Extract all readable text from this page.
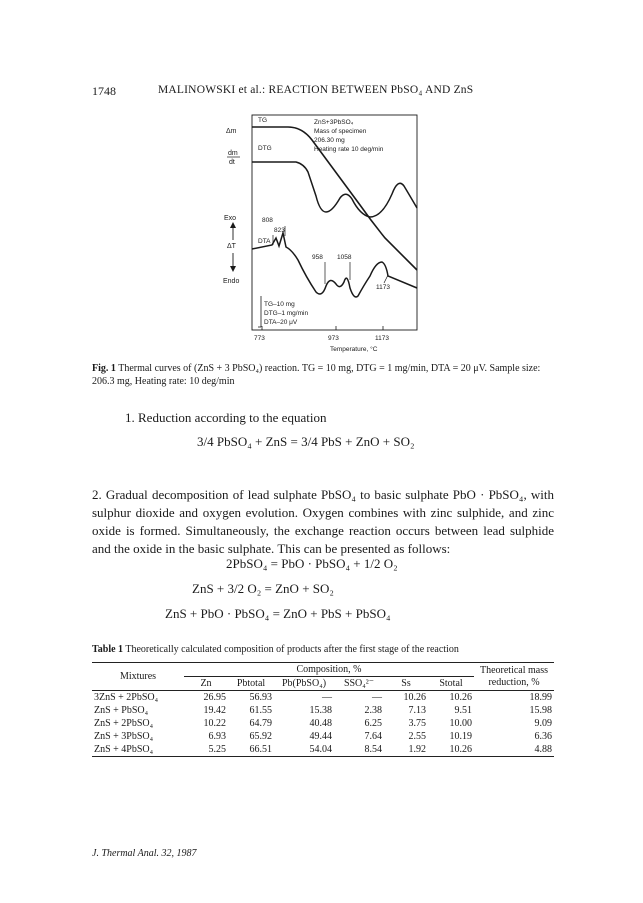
1748	MALINOWSKI et al.: REACTION BETWEEN PbSO₄ AND ZnS
Δm
dm
dt
Exo
ΔT
Endo
ZnS+3PbSO₄
Mass of specimen
206.30 mg
Heating rate 10 deg/min
TG
DTG
DTA
808
823
958 1058
1173
TG–10 mg
DTG–1 mg/min
DTA–20 μV
773	973	1173
Temperature, °C
Fig. 1 Thermal curves of (ZnS + 3 PbSO₄) reaction. TG = 10 mg, DTG = 1 mg/min, DTA = 20 μV. Sample size: 206.3 mg, Heating rate: 10 deg/min
1. Reduction according to the equation
3/4 PbSO₄ + ZnS = 3/4 PbS + ZnO + SO₂
2. Gradual decomposition of lead sulphate PbSO₄ to basic sulphate PbO · PbSO₄, with sulphur dioxide and oxygen evolution. Oxygen combines with zinc sulphide, and zinc oxide is formed. Simultaneously, the exchange reaction occurs between lead sulphide and the oxide in the basic sulphate. This can be presented as follows:
2PbSO₄ = PbO · PbSO₄ + 1/2 O₂
ZnS + 3/2 O₂ = ZnO + SO₂
ZnS + PbO · PbSO₄ = ZnO + PbS + PbSO₄
Table 1 Theoretically calculated composition of products after the first stage of the reaction
Mixtures	Composition, %						Theoretical mass reduction, %
	Zn	Pbtotal	Pb(PbSO₄)	SSO₄²⁻	Ss	Stotal	
3ZnS + 2PbSO₄	26.95	56.93	—	—	10.26	10.26	18.99
ZnS + PbSO₄	19.42	61.55	15.38	2.38	7.13	9.51	15.98
ZnS + 2PbSO₄	10.22	64.79	40.48	6.25	3.75	10.00	9.09
ZnS + 3PbSO₄	6.93	65.92	49.44	7.64	2.55	10.19	6.36
ZnS + 4PbSO₄	5.25	66.51	54.04	8.54	1.92	10.26	4.88
J. Thermal Anal. 32, 1987
